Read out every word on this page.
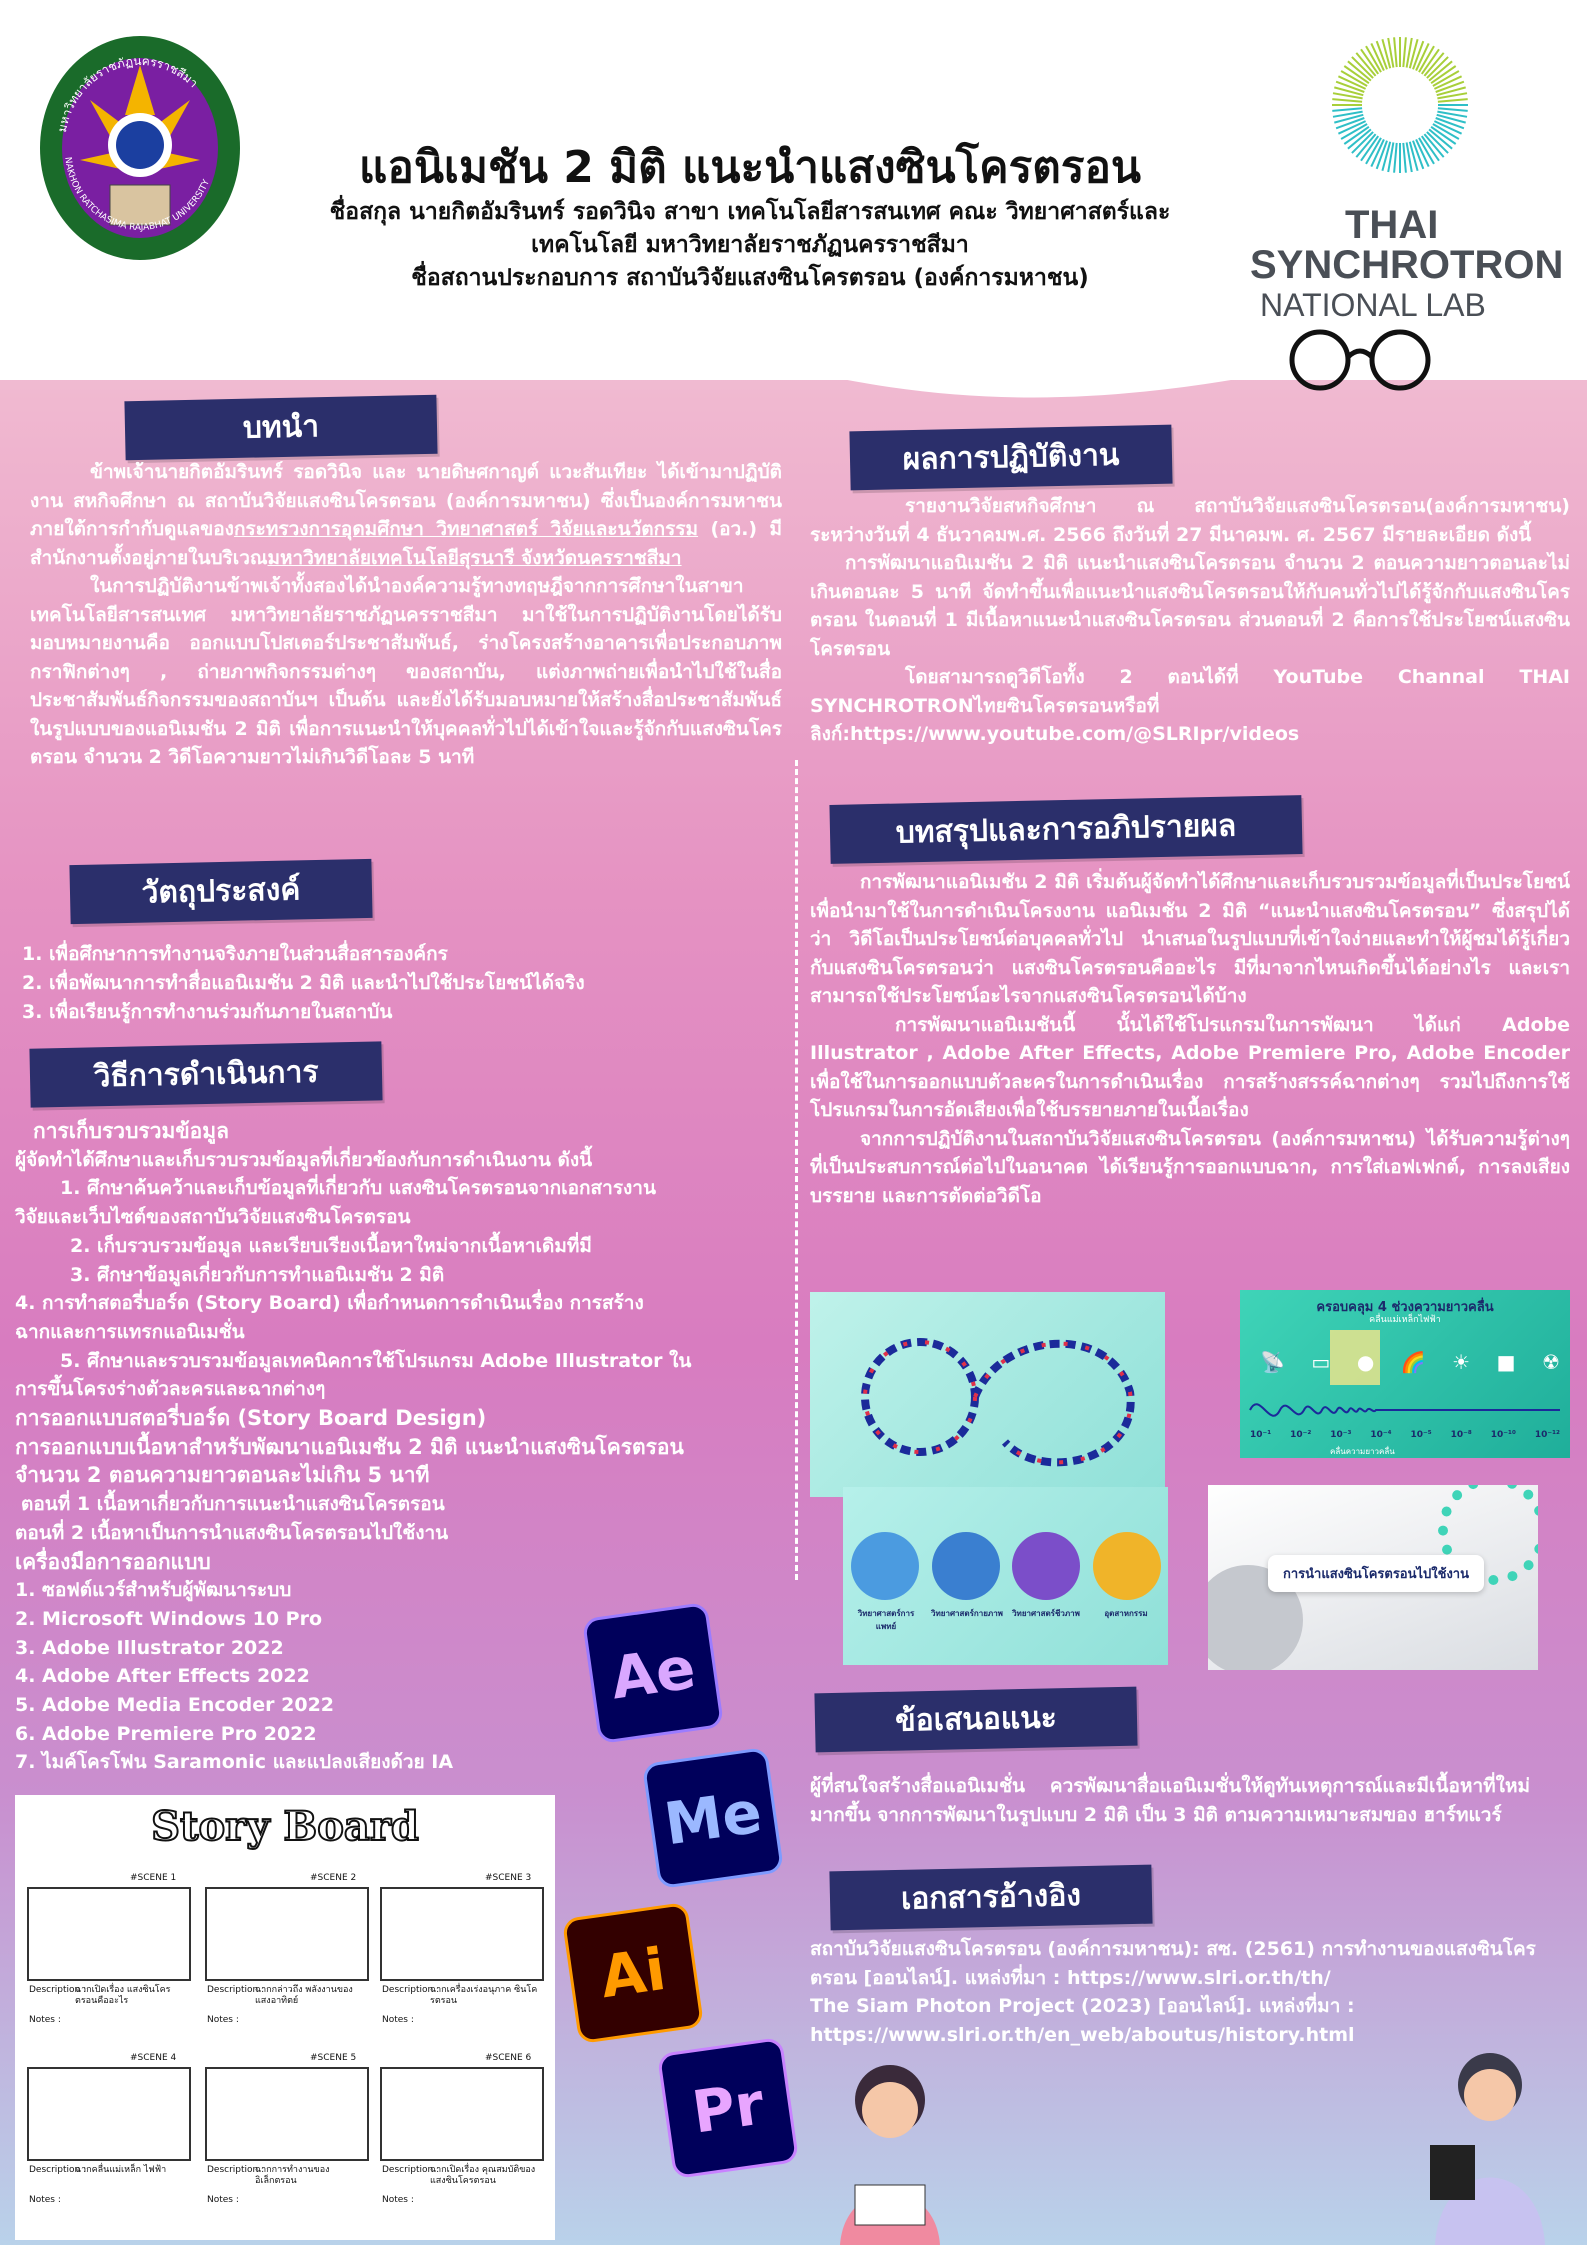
มหาวิทยาลัยราชภัฏนครราชสีมา
NAKHON RATCHASIMA RAJABHAT UNIVERSITY	แอนิเมชัน 2 มิติ แนะนำแสงซินโครตรอน
ชื่อสกุล นายกิตอัมรินทร์ รอดวินิจ สาขา เทคโนโลยีสารสนเทศ คณะ วิทยาศาสตร์และ
เทคโนโลยี มหาวิทยาลัยราชภัฏนครราชสีมา
ชื่อสถานประกอบการ สถาบันวิจัยแสงซินโครตรอน (องค์การมหาชน)
THAI
SYNCHROTRON
NATIONAL LAB
บทนำ

ข้าพเจ้านายกิตอัมรินทร์ รอดวินิจ และ นายดิษศกาญต์ แวะสันเทียะ ได้เข้ามาปฏิบัติงาน สหกิจศึกษา ณ สถาบันวิจัยแสงซินโครตรอน (องค์การมหาชน) ซึ่งเป็นองค์การมหาชน ภายใต้การกำกับดูแลของกระทรวงการอุดมศึกษา วิทยาศาสตร์ วิจัยและนวัตกรรม (อว.) มีสำนักงานตั้งอยู่ภายในบริเวณมหาวิทยาลัยเทคโนโลยีสุรนารี จังหวัดนครราชสีมา

ในการปฏิบัติงานข้าพเจ้าทั้งสองได้นำองค์ความรู้ทางทฤษฎีจากการศึกษาในสาขาเทคโนโลยีสารสนเทศ มหาวิทยาลัยราชภัฏนครราชสีมา มาใช้ในการปฏิบัติงานโดยได้รับมอบหมายงานคือ ออกแบบโปสเตอร์ประชาสัมพันธ์, ร่างโครงสร้างอาคารเพื่อประกอบภาพกราฟิกต่างๆ , ถ่ายภาพกิจกรรมต่างๆ ของสถาบัน, แต่งภาพถ่ายเพื่อนำไปใช้ในสื่อประชาสัมพันธ์กิจกรรมของสถาบันฯ เป็นต้น และยังได้รับมอบหมายให้สร้างสื่อประชาสัมพันธ์ในรูปแบบของแอนิเมชัน 2 มิติ เพื่อการแนะนำให้บุคคลทั่วไปได้เข้าใจและรู้จักกับแสงซินโครตรอน จำนวน 2 วิดีโอความยาวไม่เกินวิดีโอละ 5 นาที

วัตถุประสงค์
1. เพื่อศึกษาการทำงานจริงภายในส่วนสื่อสารองค์กร
2. เพื่อพัฒนาการทำสื่อแอนิเมชัน 2 มิติ และนำไปใช้ประโยชน์ได้จริง
3. เพื่อเรียนรู้การทำงานร่วมกันภายในสถาบัน
วิธีการดำเนินการ
การเก็บรวบรวมข้อมูล
ผู้จัดทำได้ศึกษาและเก็บรวบรวมข้อมูลที่เกี่ยวข้องกับการดำเนินงาน ดังนี้
1. ศึกษาค้นคว้าและเก็บข้อมูลที่เกี่ยวกับ แสงซินโครตรอนจากเอกสารงาน
วิจัยและเว็บไซต์ของสถาบันวิจัยแสงซินโครตรอน
2. เก็บรวบรวมข้อมูล และเรียบเรียงเนื้อหาใหม่จากเนื้อหาเดิมที่มี
3. ศึกษาข้อมูลเกี่ยวกับการทำแอนิเมชัน 2 มิติ
4. การทำสตอรี่บอร์ด (Story Board) เพื่อกำหนดการดำเนินเรื่อง การสร้าง
ฉากและการแทรกแอนิเมชั่น
5. ศึกษาและรวบรวมข้อมูลเทคนิคการใช้โปรแกรม Adobe Illustrator ใน
การขึ้นโครงร่างตัวละครและฉากต่างๆ
การออกแบบสตอรี่บอร์ด (Story Board Design)
การออกแบบเนื้อหาสำหรับพัฒนาแอนิเมชัน 2 มิติ แนะนำแสงซินโครตรอน จำนวน 2 ตอนความยาวตอนละไม่เกิน 5 นาที
ตอนที่ 1 เนื้อหาเกี่ยวกับการแนะนำแสงซินโครตรอน
ตอนที่ 2 เนื้อหาเป็นการนำแสงซินโครตรอนไปใช้งาน
เครื่องมือการออกแบบ
1. ซอฟต์แวร์สำหรับผู้พัฒนาระบบ
2. Microsoft Windows 10 Pro
3. Adobe Illustrator 2022
4. Adobe After Effects 2022
5. Adobe Media Encoder 2022
6. Adobe Premiere Pro 2022
7. ไมค์โครโฟน Saramonic และแปลงเสียงด้วย IA
ผลการปฏิบัติงาน

รายงานวิจัยสหกิจศึกษา ณ สถาบันวิจัยแสงซินโครตรอน(องค์การมหาชน) ระหว่างวันที่ 4 ธันวาคมพ.ศ. 2566 ถึงวันที่ 27 มีนาคมพ. ศ. 2567 มีรายละเอียด ดังนี้

การพัฒนาแอนิเมชัน 2 มิติ แนะนำแสงซินโครตรอน จำนวน 2 ตอนความยาวตอนละไม่เกินตอนละ 5 นาที จัดทำขึ้นเพื่อแนะนำแสงซินโครตรอนให้กับคนทั่วไปได้รู้จักกับแสงซินโครตรอน ในตอนที่ 1 มีเนื้อหาแนะนำแสงซินโครตรอน ส่วนตอนที่ 2 คือการใช้ประโยชน์แสงซินโครตรอน

โดยสามารถดูวิดีโอทั้ง 2 ตอนได้ที่ YouTube Channal THAI SYNCHROTRONไทยซินโครตรอนหรือที่

ลิงก์:https://www.youtube.com/@SLRIpr/videos

บทสรุปและการอภิปรายผล

การพัฒนาแอนิเมชัน 2 มิติ เริ่มต้นผู้จัดทำได้ศึกษาและเก็บรวบรวมข้อมูลที่เป็นประโยชน์เพื่อนำมาใช้ในการดำเนินโครงงาน แอนิเมชัน 2 มิติ “แนะนำแสงซินโครตรอน” ซึ่งสรุปได้ว่า วิดีโอเป็นประโยชน์ต่อบุคคลทั่วไป นำเสนอในรูปแบบที่เข้าใจง่ายและทำให้ผู้ชมได้รู้เกี่ยวกับแสงซินโครตรอนว่า แสงซินโครตรอนคืออะไร มีที่มาจากไหนเกิดขึ้นได้อย่างไร และเราสามารถใช้ประโยชน์อะไรจากแสงซินโครตรอนได้บ้าง

การพัฒนาแอนิเมชันนี้ นั้นได้ใช้โปรแกรมในการพัฒนา ได้แก่ Adobe Illustrator , Adobe After Effects, Adobe Premiere Pro, Adobe Encoder เพื่อใช้ในการออกแบบตัวละครในการดำเนินเรื่อง การสร้างสรรค์ฉากต่างๆ รวมไปถึงการใช้โปรแกรมในการอัดเสียงเพื่อใช้บรรยายภายในเนื้อเรื่อง

จากการปฏิบัติงานในสถาบันวิจัยแสงซินโครตรอน (องค์การมหาชน) ได้รับความรู้ต่างๆ ที่เป็นประสบการณ์ต่อไปในอนาคต ได้เรียนรู้การออกแบบฉาก, การใส่เอฟเฟกต์, การลงเสียงบรรยาย และการตัดต่อวิดีโอ

ครอบคลุม 4 ช่วงความยาวคลื่น
คลื่นแม่เหล็กไฟฟ้า
📡 ▭ ● 🌈 ☀ ■ ☢
10⁻¹ 10⁻² 10⁻³ 10⁻⁴ 10⁻⁵ 10⁻⁸ 10⁻¹⁰ 10⁻¹²
คลื่นความยาวคลื่น
วิทยาศาสตร์การแพทย์
วิทยาศาสตร์กายภาพ วิทยาศาสตร์ชีวภาพ	อุตสาหกรรม
การนำแสงซินโครตรอนไปใช้งาน
ข้อเสนอแนะ
ผู้ที่สนใจสร้างสื่อแอนิเมชั่น ควรพัฒนาสื่อแอนิเมชั่นให้ดูทันเหตุการณ์และมีเนื้อหาที่ใหม่มากขึ้น จากการพัฒนาในรูปแบบ 2 มิติ เป็น 3 มิติ ตามความเหมาะสมของ ฮาร์ทแวร์
เอกสารอ้างอิง

สถาบันวิจัยแสงซินโครตรอน (องค์การมหาชน): สซ. (2561) การทำงานของแสงซินโครตรอน [ออนไลน์]. แหล่งที่มา : https://www.slri.or.th/th/

The Siam Photon Project (2023) [ออนไลน์]. แหล่งที่มา : https://www.slri.or.th/en_web/aboutus/history.html

Ae
Me
Ai
Pr
Story Board
#SCENE 1
Description :
ฉากเปิดเรื่อง แสงซินโครตรอนคืออะไร
Notes :
#SCENE 2
Description :
ฉากกล่าวถึง พลังงานของแสงอาทิตย์
Notes :
#SCENE 3
Description :
ฉากเครื่องเร่งอนุภาค ซินโครตรอน
Notes :
#SCENE 4
Description :
ฉากคลื่นแม่เหล็ก ไฟฟ้า
Notes :
#SCENE 5
Description :
ฉากการทำงานของ อิเล็กตรอน
Notes :
#SCENE 6
Description :
ฉากเปิดเรื่อง คุณสมบัติของแสงซินโครตรอน
Notes :
